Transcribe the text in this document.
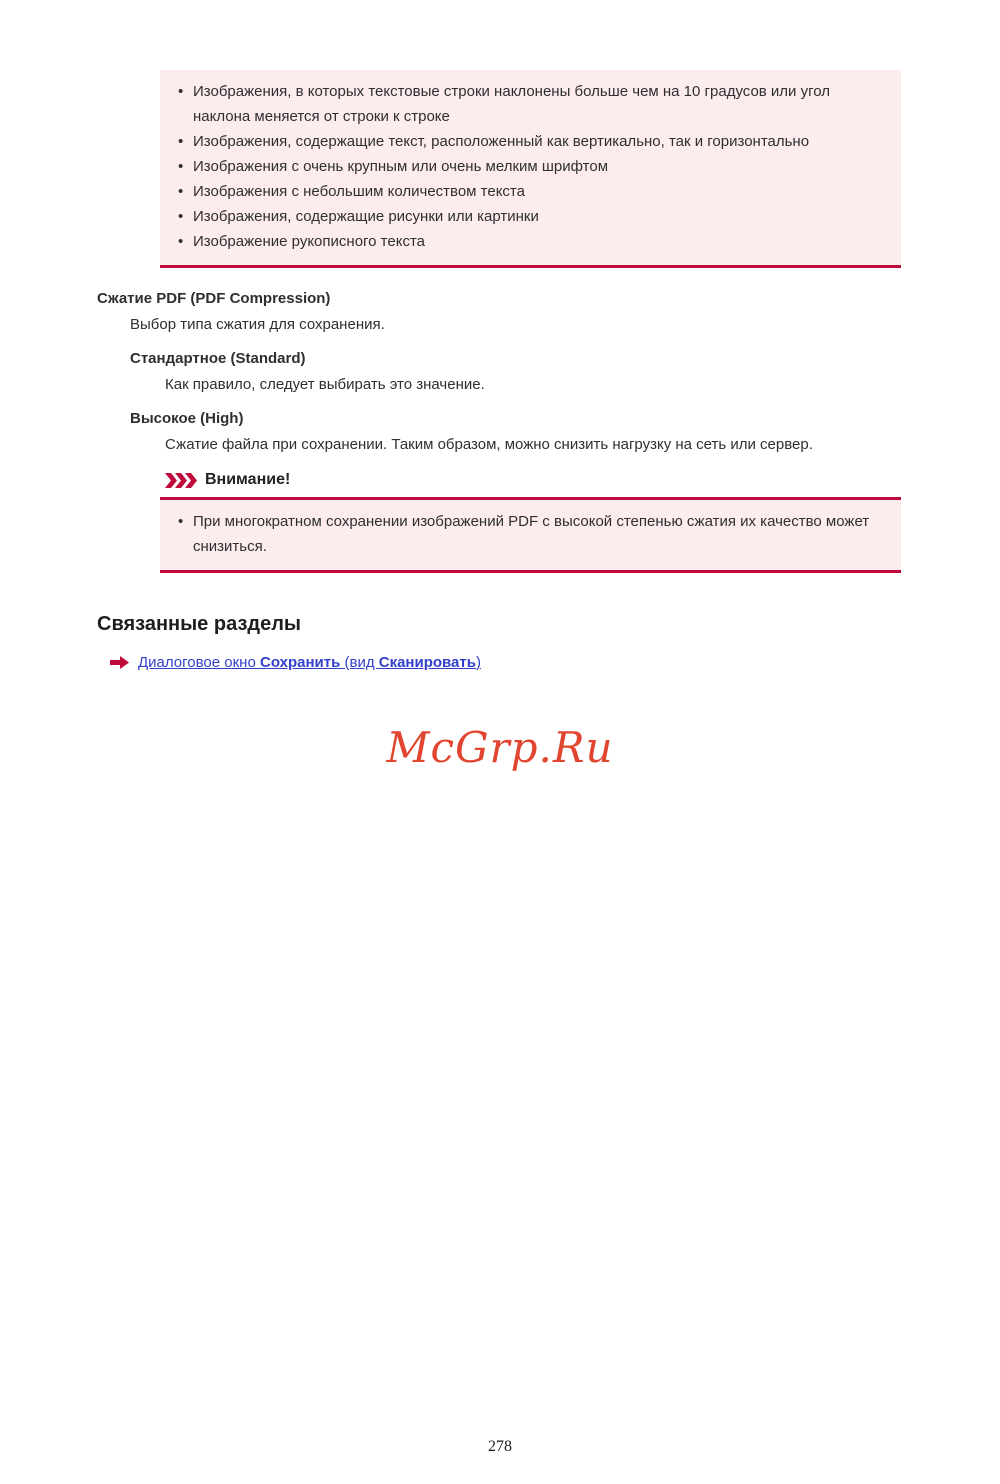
• Изображения, в которых текстовые строки наклонены больше чем на 10 градусов или угол наклона меняется от строки к строке
• Изображения, содержащие текст, расположенный как вертикально, так и горизонтально
• Изображения с очень крупным или очень мелким шрифтом
• Изображения с небольшим количеством текста
• Изображения, содержащие рисунки или картинки
• Изображение рукописного текста
Сжатие PDF (PDF Compression)

Выбор типа сжатия для сохранения.

Стандартное (Standard)

Как правило, следует выбирать это значение.

Высокое (High)

Сжатие файла при сохранении. Таким образом, можно снизить нагрузку на сеть или сервер.

Внимание!
• При многократном сохранении изображений PDF с высокой степенью сжатия их качество может снизиться.
Связанные разделы
Диалоговое окно Сохранить (вид Сканировать)
McGrp.Ru
278
